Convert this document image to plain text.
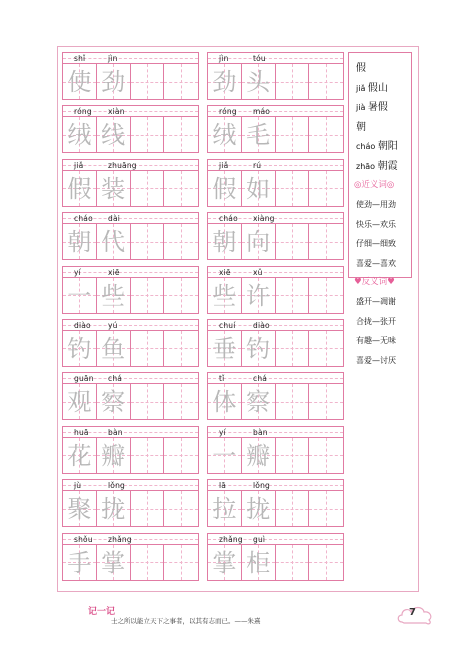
shǐ	jìn
使 劲
jìn	tóu
劲 头
róng xiàn
绒 线
róng máo
绒 毛
jiǎ	zhuāng
假 装
jiǎ	rú
假 如
cháo dài
朝 代
cháo xiàng
朝 向
yí	xiē
一 些
xiē	xǔ
些 许
diào yú
钓 鱼
chuí diào
垂 钓
guān chá
观 察
tǐ	chá
体 察
huā	bàn
花 瓣
yí	bàn
一 瓣
jù	lǒng
聚 拢
lā	lǒng
拉 拢
shǒu zhǎng
手 掌
zhǎng guì
掌 柜
假
jiǎ 假山
jià 暑假
朝
cháo 朝阳
zhāo 朝霞
◎近义词◎
使劲—用劲
快乐—欢乐
仔细—细致
喜爱—喜欢
♥反义词♥
盛开—凋谢
合拢—张开
有趣—无味
喜爱—讨厌
记一记
士之所以能立天下之事者，以其有志而已。——朱熹
7
